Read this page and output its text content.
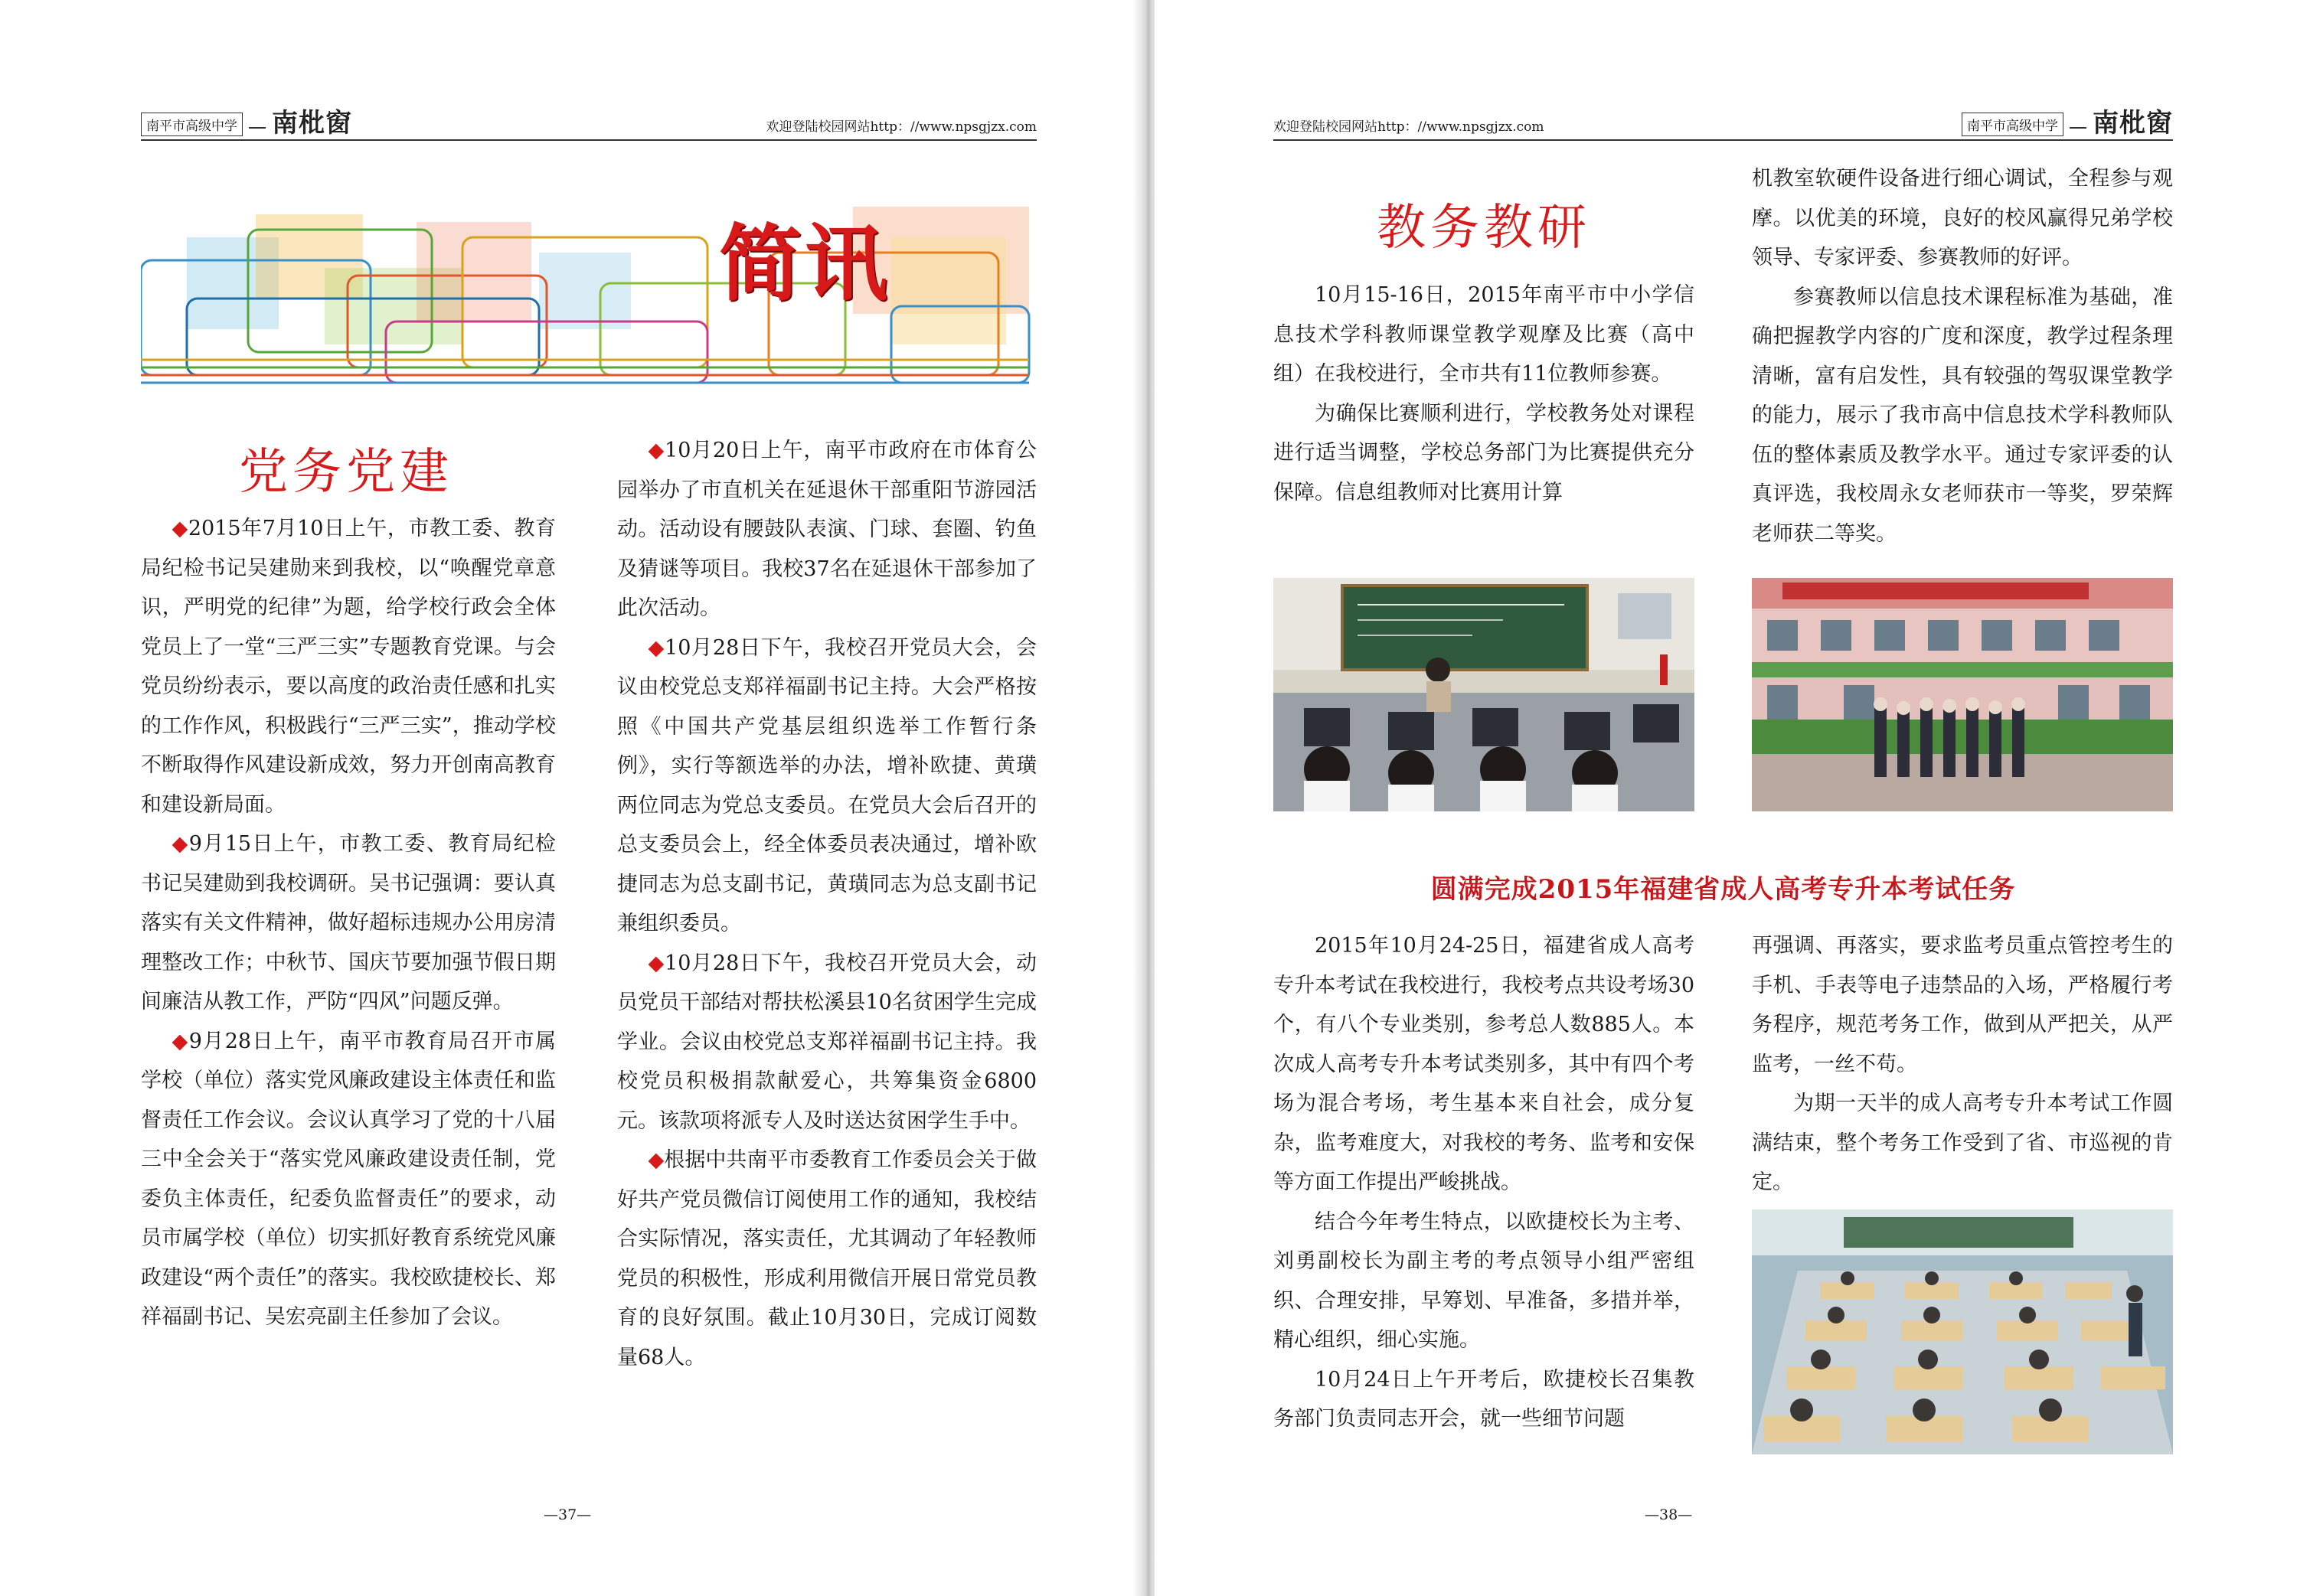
南平市高级中学 南枇窗	欢迎登陆校园网站http：//www.npsgjzx.com
简讯
党务党建

◆2015年7月10日上午，市教工委、教育局纪检书记吴建勋来到我校，以“唤醒党章意识，严明党的纪律”为题，给学校行政会全体党员上了一堂“三严三实”专题教育党课。与会党员纷纷表示，要以高度的政治责任感和扎实的工作作风，积极践行“三严三实”，推动学校不断取得作风建设新成效，努力开创南高教育和建设新局面。

◆9月15日上午，市教工委、教育局纪检书记吴建勋到我校调研。吴书记强调：要认真落实有关文件精神，做好超标违规办公用房清理整改工作；中秋节、国庆节要加强节假日期间廉洁从教工作，严防“四风”问题反弹。

◆9月28日上午，南平市教育局召开市属学校（单位）落实党风廉政建设主体责任和监督责任工作会议。会议认真学习了党的十八届三中全会关于“落实党风廉政建设责任制，党委负主体责任，纪委负监督责任”的要求，动员市属学校（单位）切实抓好教育系统党风廉政建设“两个责任”的落实。我校欧捷校长、郑祥福副书记、吴宏亮副主任参加了会议。

◆10月20日上午，南平市政府在市体育公园举办了市直机关在延退休干部重阳节游园活动。活动设有腰鼓队表演、门球、套圈、钓鱼及猜谜等项目。我校37名在延退休干部参加了此次活动。

◆10月28日下午，我校召开党员大会，会议由校党总支郑祥福副书记主持。大会严格按照《中国共产党基层组织选举工作暂行条例》，实行等额选举的办法，增补欧捷、黄璜两位同志为党总支委员。在党员大会后召开的总支委员会上，经全体委员表决通过，增补欧捷同志为总支副书记，黄璜同志为总支副书记兼组织委员。

◆10月28日下午，我校召开党员大会，动员党员干部结对帮扶松溪县10名贫困学生完成学业。会议由校党总支郑祥福副书记主持。我校党员积极捐款献爱心，共筹集资金6800 元。该款项将派专人及时送达贫困学生手中。

◆根据中共南平市委教育工作委员会关于做好共产党员微信订阅使用工作的通知，我校结合实际情况，落实责任，尤其调动了年轻教师党员的积极性，形成利用微信开展日常党员教育的良好氛围。截止10月30日，完成订阅数量68人。

—37—
欢迎登陆校园网站http：//www.npsgjzx.com	南平市高级中学 南枇窗
教务教研

10月15-16日，2015年南平市中小学信息技术学科教师课堂教学观摩及比赛（高中组）在我校进行，全市共有11位教师参赛。

为确保比赛顺利进行，学校教务处对课程进行适当调整，学校总务部门为比赛提供充分保障。信息组教师对比赛用计算

机教室软硬件设备进行细心调试，全程参与观摩。以优美的环境，良好的校风赢得兄弟学校领导、专家评委、参赛教师的好评。

参赛教师以信息技术课程标准为基础，准确把握教学内容的广度和深度，教学过程条理清晰，富有启发性，具有较强的驾驭课堂教学的能力，展示了我市高中信息技术学科教师队伍的整体素质及教学水平。通过专家评委的认真评选，我校周永女老师获市一等奖，罗荣辉老师获二等奖。

圆满完成2015年福建省成人高考专升本考试任务

2015年10月24-25日，福建省成人高考专升本考试在我校进行，我校考点共设考场30个，有八个专业类别，参考总人数885人。本次成人高考专升本考试类别多，其中有四个考场为混合考场，考生基本来自社会，成分复杂，监考难度大，对我校的考务、监考和安保等方面工作提出严峻挑战。

结合今年考生特点，以欧捷校长为主考、刘勇副校长为副主考的考点领导小组严密组织、合理安排，早筹划、早准备，多措并举，精心组织，细心实施。

10月24日上午开考后，欧捷校长召集教务部门负责同志开会，就一些细节问题

再强调、再落实，要求监考员重点管控考生的手机、手表等电子违禁品的入场，严格履行考务程序，规范考务工作，做到从严把关，从严监考，一丝不苟。

为期一天半的成人高考专升本考试工作圆满结束，整个考务工作受到了省、市巡视的肯定。

—38—
